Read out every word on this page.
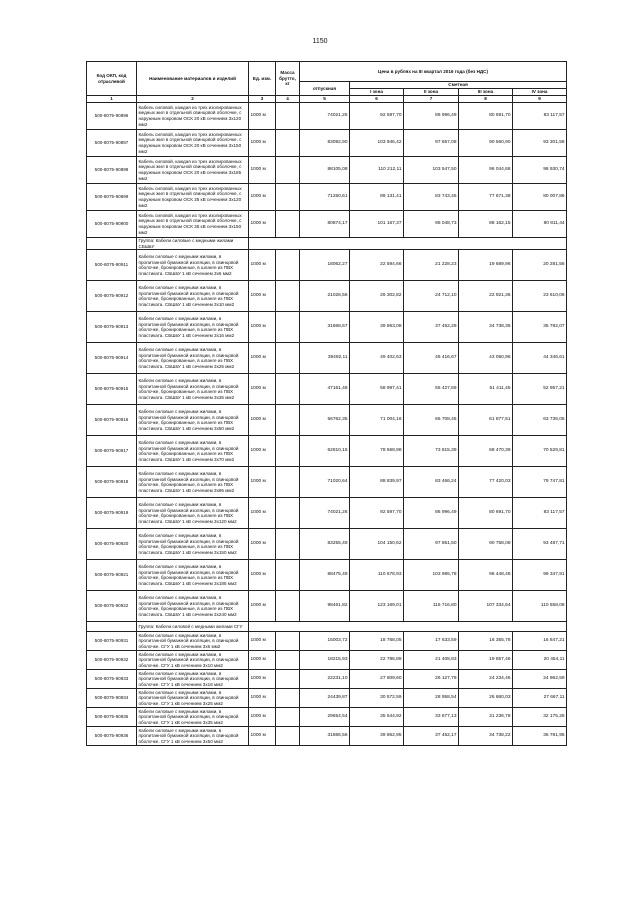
1150
Код ОКП, код отраслевой	Наименование материалов и изделий	Ед. изм.	Масса брутто, кг	Цена в рублях на III квартал 2016 года (без НДС)				
				отпускная	Сметная			
					I зона	II зона	III зона	IV зона
1	2	3	4	5	6	7	8	9
500-8075-90896	Кабель силовой, каждая из трех изолированных медных жил в отдельной свинцовой оболочке, с наружным покровом ОСК 20 кВ сечением 3х120 мм2	1000 м		74021,26	92 597,70	86 996,49	80 691,70	83 117,57
500-8075-90897	Кабель силовой, каждая из трех изолированных медных жил в отдельной свинцовой оболочке, с наружным покровом ОСК 20 кВ сечением 3х150 мм2	1000 м		83092,90	103 946,42	97 657,08	90 560,90	93 301,58
500-8075-90898	Кабель силовой, каждая из трех изолированных медных жил в отдельной свинцовой оболочке, с наружным покровом ОСК 20 кВ сечением 3х185 мм2	1000 м		88105,08	110 212,11	103 547,50	96 044,68	98 930,74
500-8075-90899	Кабель силовой, каждая из трех изолированных медных жил в отдельной свинцовой оболочке, с наружным покровом ОСК 35 кВ сечением 3х120 мм2	1000 м		71250,61	89 131,41	83 743,45	77 671,38	80 007,86
500-8075-90900	Кабель силовой, каждая из трех изолированных медных жил в отдельной свинцовой оболочке, с наружным покровом ОСК 35 кВ сечением 3х150 мм2	1000 м		80874,17	101 167,37	95 048,73	88 162,15	90 811,44
	Группа: Кабели силовые с медными жилами СБШвУ							
500-8075-90911	Кабели силовые с медными жилами, в пропитанной бумажной изоляции, в свинцовой оболочке, бронированные, в шланге из ПВХ пластиката. СБШвУ 1 кВ сечением 3х6 мм2	1000 м		18062,27	22 594,66	21 228,23	19 689,96	20 281,56
500-8075-90912	Кабели силовые с медными жилами, в пропитанной бумажной изоляции, в свинцовой оболочке, бронированные, в шланге из ПВХ пластиката. СБШвУ 1 кВ сечением 3х10 мм2	1000 м		21026,56	26 302,82	24 712,10	22 921,36	23 610,06
500-8075-90913	Кабели силовые с медными жилами, в пропитанной бумажной изоляции, в свинцовой оболочке, бронированные, в шланге из ПВХ пластиката. СБШвУ 1 кВ сечением 3х16 мм2	1000 м		31868,67	39 863,08	37 452,29	34 738,35	35 782,07
500-8075-90914	Кабели силовые с медными жилами, в пропитанной бумажной изоляции, в свинцовой оболочке, бронированные, в шланге из ПВХ пластиката. СБШвУ 1 кВ сечением 3х25 мм2	1000 м		39492,11	49 402,63	46 416,67	43 050,96	44 346,61
500-8075-90915	Кабели силовые с медными жилами, в пропитанной бумажной изоляции, в свинцовой оболочке, бронированные, в шланге из ПВХ пластиката. СБШвУ 1 кВ сечением 3х35 мм2	1000 м		47161,48	58 997,41	55 427,69	51 411,45	52 957,21
500-8075-90916	Кабели силовые с медными жилами, в пропитанной бумажной изоляции, в свинцовой оболочке, бронированные, в шланге из ПВХ пластиката. СБШвУ 1 кВ сечением 3х50 мм2	1000 м		56762,35	71 004,16	66 708,45	61 877,51	63 736,05
500-8075-90917	Кабели силовые с медными жилами, в пропитанной бумажной изоляции, в свинцовой оболочке, бронированные, в шланге из ПВХ пластиката. СБШвУ 1 кВ сечением 3х70 мм2	1000 м		62810,15	78 568,98	73 815,39	68 470,39	70 529,81
500-8075-90918	Кабели силовые с медными жилами, в пропитанной бумажной изоляции, в свинцовой оболочке, бронированные, в шланге из ПВХ пластиката. СБШвУ 1 кВ сечением 3х95 мм2	1000 м		71020,64	88 839,97	83 466,24	77 420,03	79 747,81
500-8075-90919	Кабели силовые с медными жилами, в пропитанной бумажной изоляции, в свинцовой оболочке, бронированные, в шланге из ПВХ пластиката. СБШвУ 1 кВ сечением 3х120 мм2	1000 м		74021,26	92 597,70	86 996,49	80 691,70	83 117,57
500-8075-90920	Кабели силовые с медными жилами, в пропитанной бумажной изоляции, в свинцовой оболочке, бронированные, в шланге из ПВХ пластиката. СБШвУ 1 кВ сечением 3х150 мм2	1000 м		83255,49	104 150,62	97 851,50	90 758,08	93 487,71
500-8075-90921	Кабели силовые с медными жилами, в пропитанной бумажной изоляции, в свинцовой оболочке, бронированные, в шланге из ПВХ пластиката. СБШвУ 1 кВ сечением 3х185 мм2	1000 м		88475,49	110 678,93	103 985,78	96 448,48	99 347,91
500-8075-90922	Кабели силовые с медными жилами, в пропитанной бумажной изоляции, в свинцовой оболочке, бронированные, в шланге из ПВХ пластиката. СБШвУ 1 кВ сечением 3х240 мм2	1000 м		98461,82	123 169,01	115 716,80	107 334,64	110 558,08
	Группа: Кабели силовой с медными жилами СГУ							
500-8075-90931	Кабели силовые с медными жилами, в пропитанной бумажной изоляции, в свинцовой оболочке. СГУ 1 кВ сечением 3х6 мм2	1000 м		15003,72	18 768,05	17 633,59	16 355,78	16 847,21
500-8075-90932	Кабели силовые с медными жилами, в пропитанной бумажной изоляции, в свинцовой оболочке. СГУ 1 кВ сечением 3х10 мм2	1000 м		18215,93	22 786,89	21 408,83	19 857,46	20 454,11
500-8075-90933	Кабели силовые с медными жилами, в пропитанной бумажной изоляции, в свинцовой оболочке. СГУ 1 кВ сечением 3х16 мм2	1000 м		22231,10	27 809,60	26 127,79	24 234,46	24 962,59
500-8075-90934	Кабели силовые с медными жилами, в пропитанной бумажной изоляции, в свинцовой оболочке. СГУ 1 кВ сечением 3х25 мм2	1000 м		24439,87	30 572,59	28 958,54	26 860,03	27 667,11
500-8075-90935	Кабели силовые с медными жилами, в пропитанной бумажной изоляции, в свинцовой оболочке. СГУ 1 кВ сечением 3х35 мм2	1000 м		29654,54	35 544,92	33 677,13	31 236,78	32 175,26
500-8075-90936	Кабели силовые с медными жилами, в пропитанной бумажной изоляции, в свинцовой оболочке. СГУ 1 кВ сечением 3х50 мм2	1000 м		31866,56	39 862,95	37 452,17	34 738,22	35 781,95
